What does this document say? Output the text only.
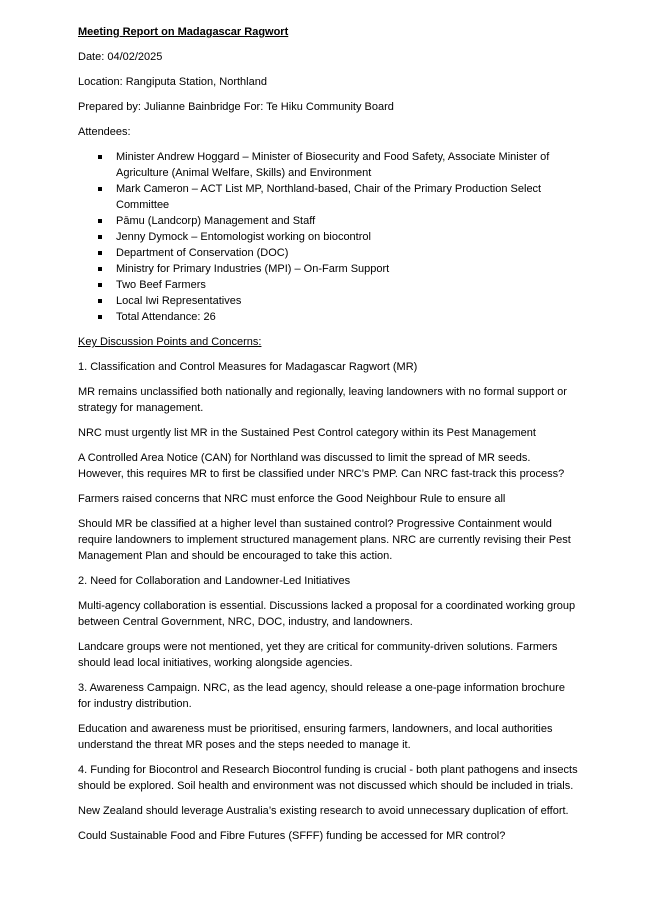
Meeting Report on Madagascar Ragwort
Date: 04/02/2025
Location: Rangiputa Station, Northland
Prepared by: Julianne Bainbridge For: Te Hiku Community Board
Attendees:
Minister Andrew Hoggard – Minister of Biosecurity and Food Safety, Associate Minister of Agriculture (Animal Welfare, Skills) and Environment
Mark Cameron – ACT List MP, Northland-based, Chair of the Primary Production Select Committee
Pāmu (Landcorp) Management and Staff
Jenny Dymock – Entomologist working on biocontrol
Department of Conservation (DOC)
Ministry for Primary Industries (MPI) – On-Farm Support
Two Beef Farmers
Local Iwi Representatives
Total Attendance: 26
Key Discussion Points and Concerns:
1. Classification and Control Measures for Madagascar Ragwort (MR)
MR remains unclassified both nationally and regionally, leaving landowners with no formal support or strategy for management.
NRC must urgently list MR in the Sustained Pest Control category within its Pest Management
A Controlled Area Notice (CAN) for Northland was discussed to limit the spread of MR seeds. However, this requires MR to first be classified under NRC’s PMP. Can NRC fast-track this process?
Farmers raised concerns that NRC must enforce the Good Neighbour Rule to ensure all
Should MR be classified at a higher level than sustained control? Progressive Containment would require landowners to implement structured management plans. NRC are currently revising their Pest Management Plan and should be encouraged to take this action.
2. Need for Collaboration and Landowner-Led Initiatives
Multi-agency collaboration is essential. Discussions lacked a proposal for a coordinated working group between Central Government, NRC, DOC, industry, and landowners.
Landcare groups were not mentioned, yet they are critical for community-driven solutions. Farmers should lead local initiatives, working alongside agencies.
3. Awareness Campaign. NRC, as the lead agency, should release a one-page information brochure for industry distribution.
Education and awareness must be prioritised, ensuring farmers, landowners, and local authorities understand the threat MR poses and the steps needed to manage it.
4. Funding for Biocontrol and Research Biocontrol funding is crucial - both plant pathogens and insects should be explored. Soil health and environment was not discussed which should be included in trials.
New Zealand should leverage Australia’s existing research to avoid unnecessary duplication of effort.
Could Sustainable Food and Fibre Futures (SFFF) funding be accessed for MR control?
